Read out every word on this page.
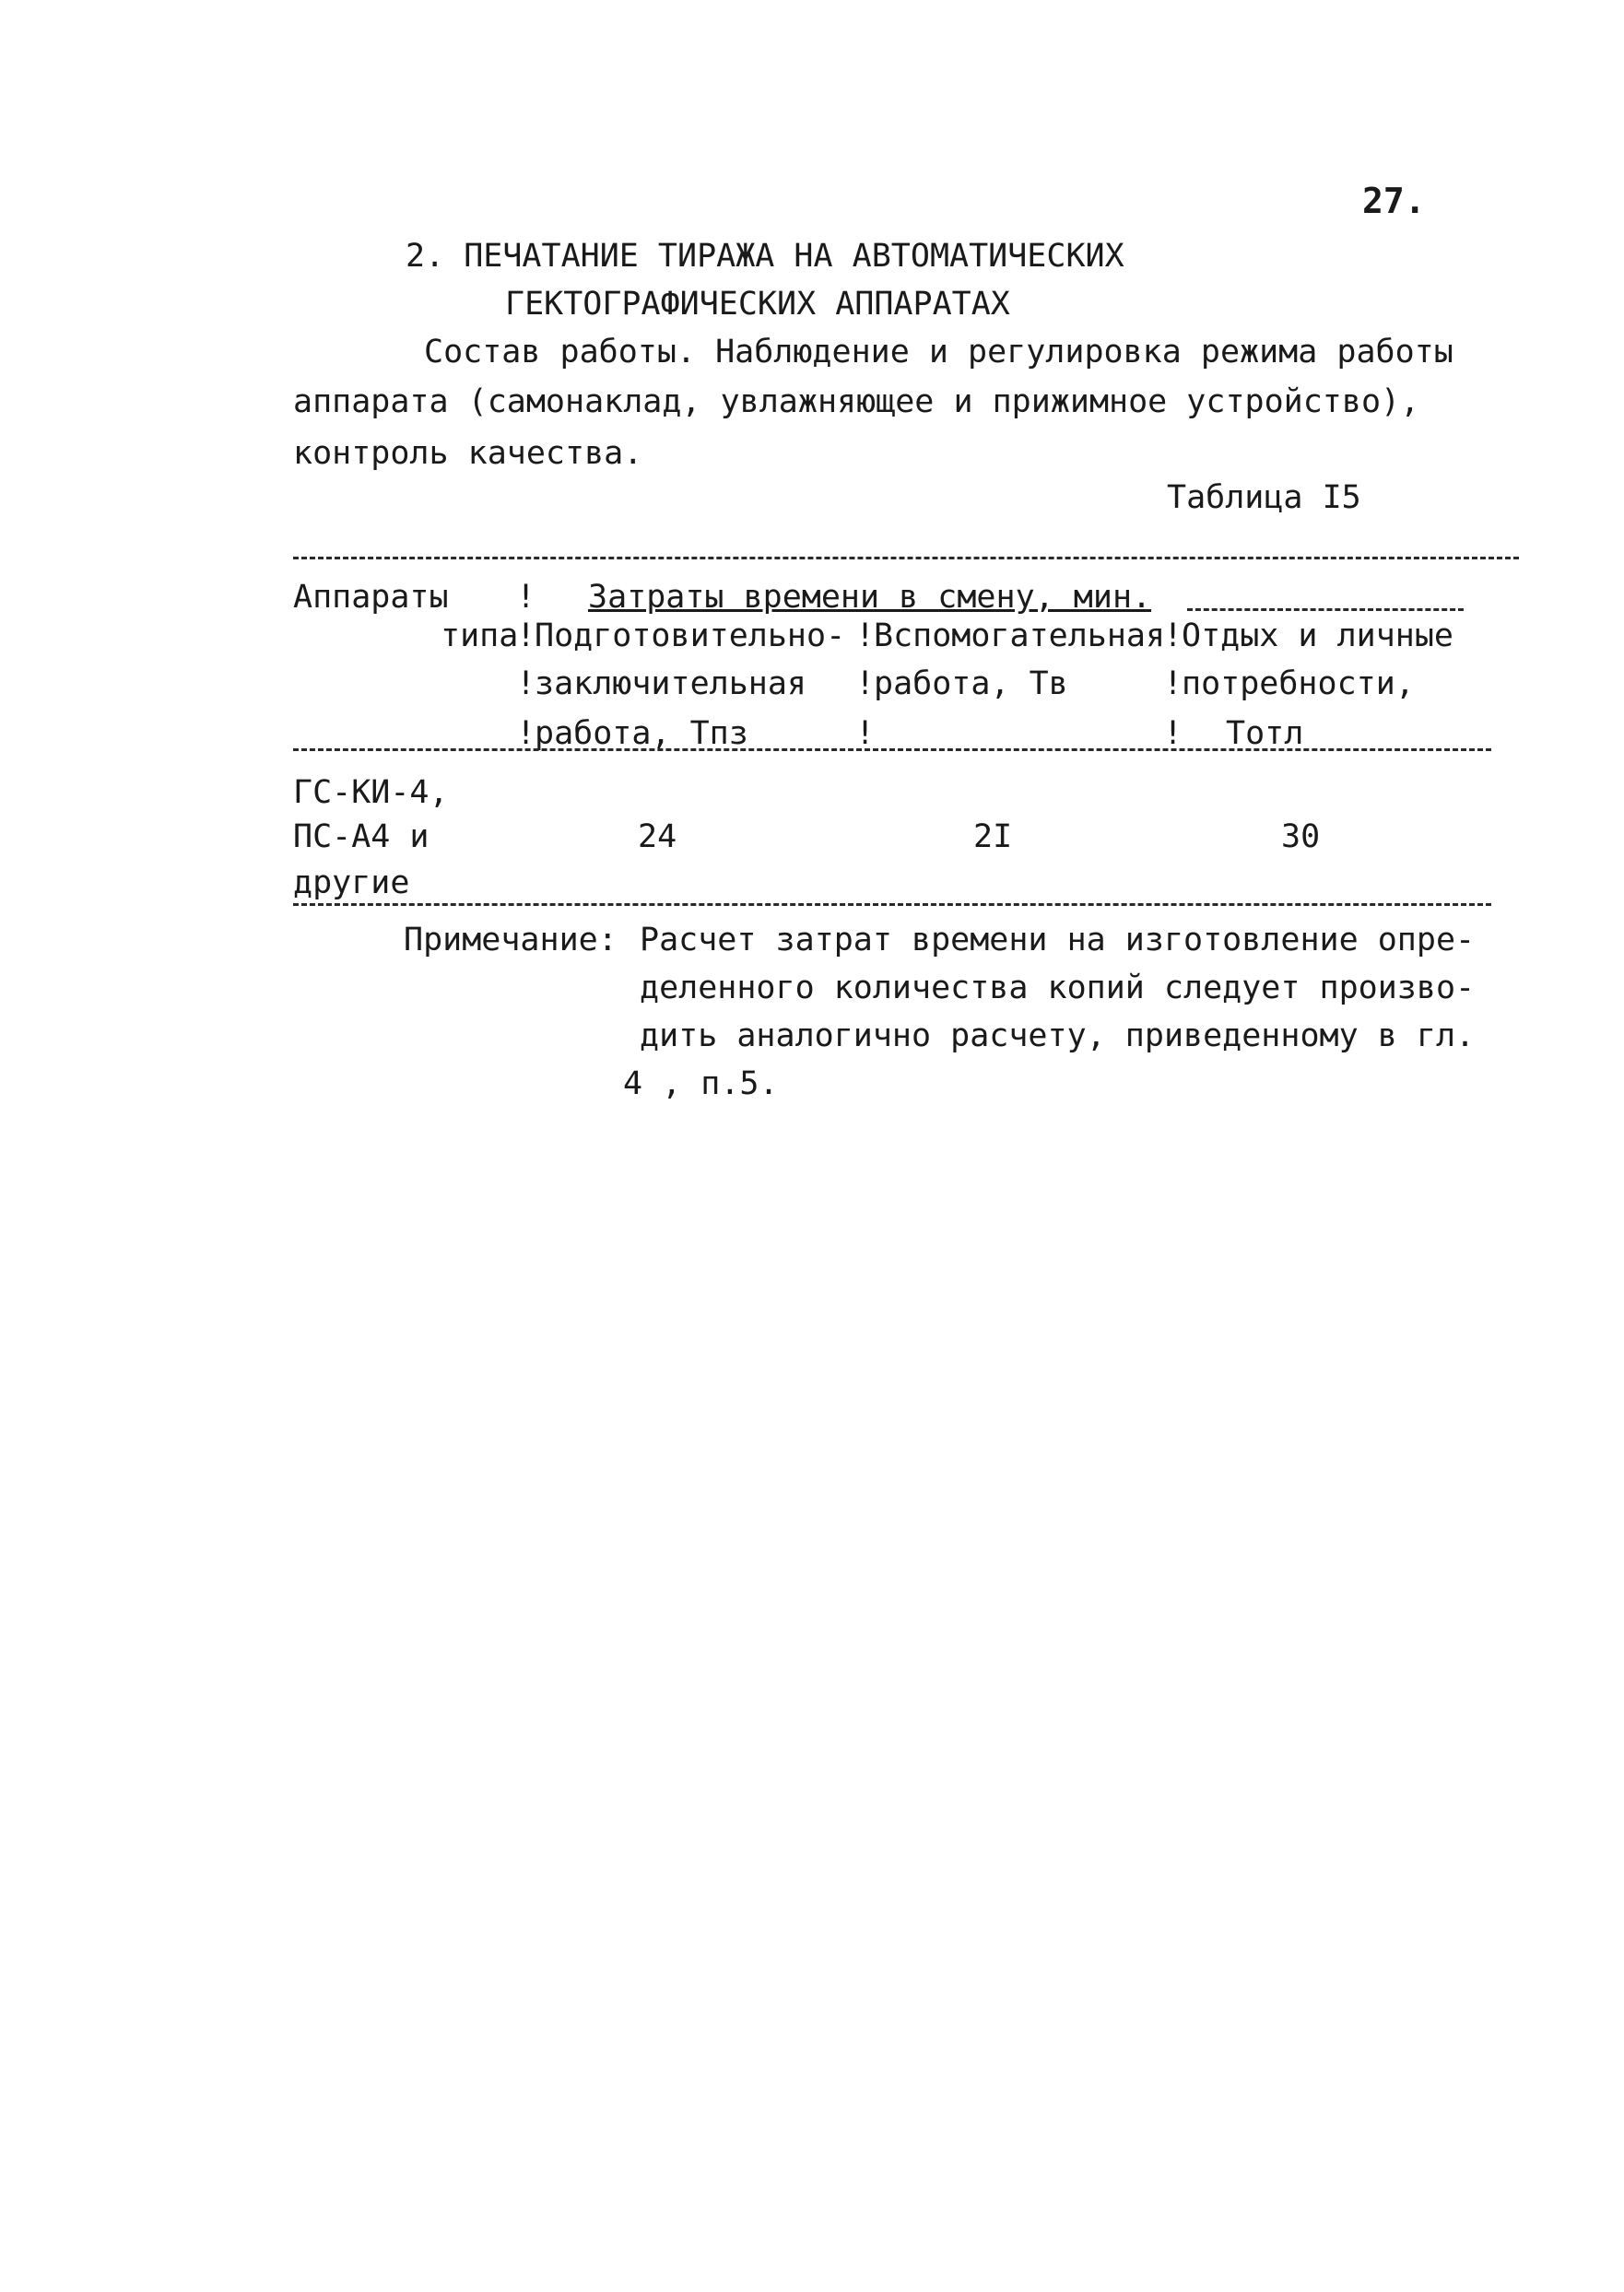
27.
2. ПЕЧАТАНИЕ ТИРАЖА НА АВТОМАТИЧЕСКИХ
ГЕКТОГРАФИЧЕСКИХ АППАРАТАХ
Состав работы. Наблюдение и регулировка режима работы
аппарата (самонаклад, увлажняющее и прижимное устройство),
контроль качества.
Таблица I5
Аппараты
типа
Затраты времени в смену, мин.
Подготовительно-
заключительная
работа, Тпз
Вспомогательная
работа, Тв
Отдых и личные
потребности,
Тотл
!
!
!
!
!
!
!
!
!
!
ГС-КИ-4,
ПС-А4 и
другие
24	2I	30
Примечание: Расчет затрат времени на изготовление опре-
деленного количества копий следует произво-
дить аналогично расчету, приведенному в гл.
4 , п.5.
